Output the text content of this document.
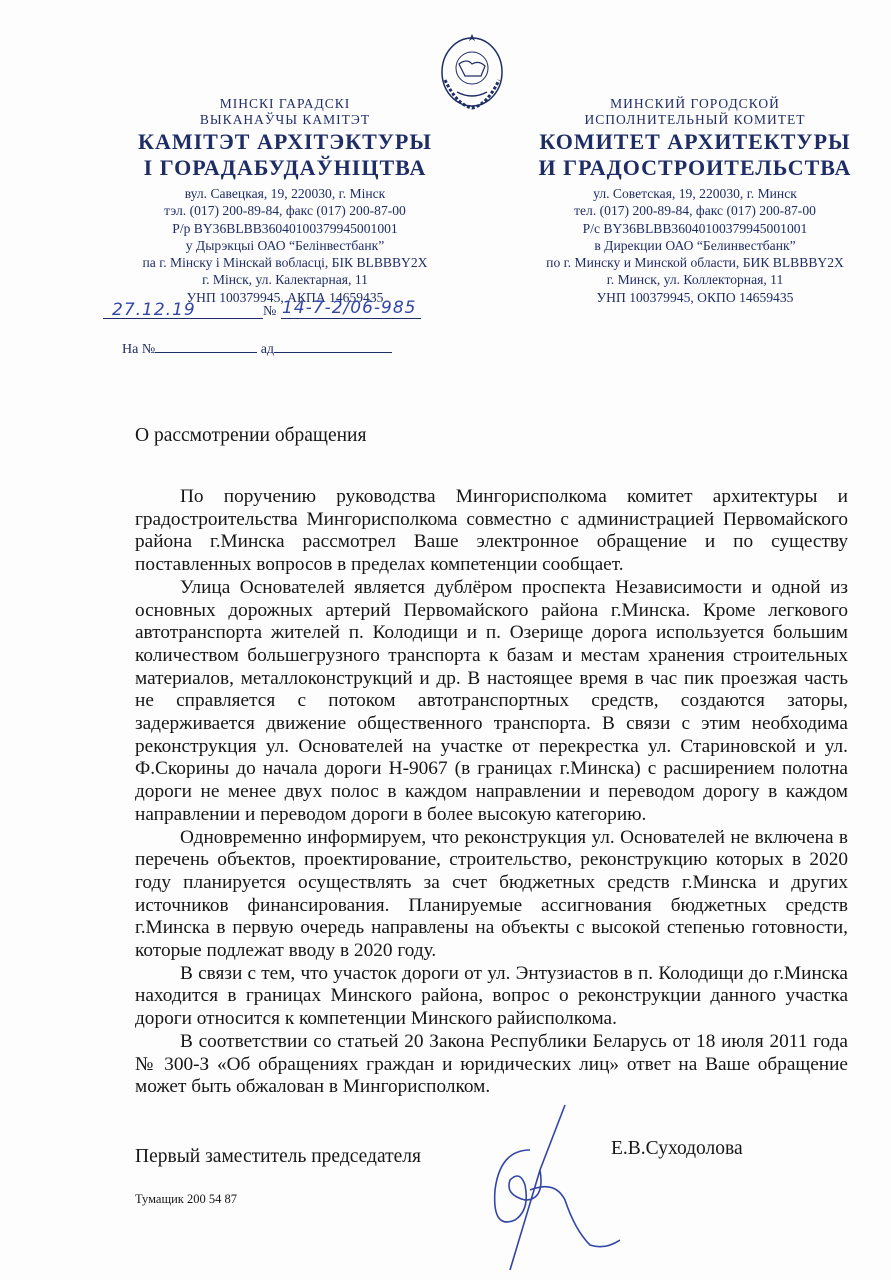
МІНСКІ ГАРАДСКІ
ВЫКАНАЎЧЫ КАМІТЭТ
КАМІТЭТ АРХІТЭКТУРЫ
І ГОРАДАБУДАЎНІЦТВА
вул. Савецкая, 19, 220030, г. Мінск
тэл. (017) 200-89-84, факс (017) 200-87-00
Р/р BY36BLBB36040100379945001001
у Дырэкцыі ОАО “Белінвестбанк”
па г. Мінску і Мінскай вобласці, БІК BLBBBY2X
г. Мінск, ул. Калектарная, 11
УНП 100379945, АКПА 14659435
МИНСКИЙ ГОРОДСКОЙ
ИСПОЛНИТЕЛЬНЫЙ КОМИТЕТ
КОМИТЕТ АРХИТЕКТУРЫ
И ГРАДОСТРОИТЕЛЬСТВА
ул. Советская, 19, 220030, г. Минск
тел. (017) 200-89-84, факс (017) 200-87-00
Р/с BY36BLBB36040100379945001001
в Дирекции ОАО “Белинвестбанк”
по г. Минску и Минской области, БИК BLBBBY2X
г. Минск, ул. Коллекторная, 11
УНП 100379945, ОКПО 14659435
№
27.12.19	14-7-2/06-985
На №	ад
О рассмотрении обращения

По поручению руководства Мингорисполкома комитет архитектуры и градостроительства Мингорисполкома совместно с администрацией Первомайского района г.Минска рассмотрел Ваше электронное обращение и по существу поставленных вопросов в пределах компетенции сообщает.

Улица Основателей является дублёром проспекта Независимости и одной из основных дорожных артерий Первомайского района г.Минска. Кроме легкового автотранспорта жителей п. Колодищи и п. Озерище дорога используется большим количеством большегрузного транспорта к базам и местам хранения строительных материалов, металлоконструкций и др. В настоящее время в час пик проезжая часть не справляется с потоком автотранспортных средств, создаются заторы, задерживается движение общественного транспорта. В связи с этим необходима реконструкция ул. Основателей на участке от перекрестка ул. Стариновской и ул. Ф.Скорины до начала дороги Н-9067 (в границах г.Минска) с расширением полотна дороги не менее двух полос в каждом направлении и переводом дорогу в каждом направлении и переводом дороги в более высокую категорию.

Одновременно информируем, что реконструкция ул. Основателей не включена в перечень объектов, проектирование, строительство, реконструкцию которых в 2020 году планируется осуществлять за счет бюджетных средств г.Минска и других источников финансирования. Планируемые ассигнования бюджетных средств г.Минска в первую очередь направлены на объекты с высокой степенью готовности, которые подлежат вводу в 2020 году.

В связи с тем, что участок дороги от ул. Энтузиастов в п. Колодищи до г.Минска находится в границах Минского района, вопрос о реконструкции данного участка дороги относится к компетенции Минского райисполкома.

В соответствии со статьей 20 Закона Республики Беларусь от 18 июля 2011 года № 300-З «Об обращениях граждан и юридических лиц» ответ на Ваше обращение может быть обжалован в Мингорисполком.

Первый заместитель председателя	Е.В.Суходолова
Тумащик 200 54 87
